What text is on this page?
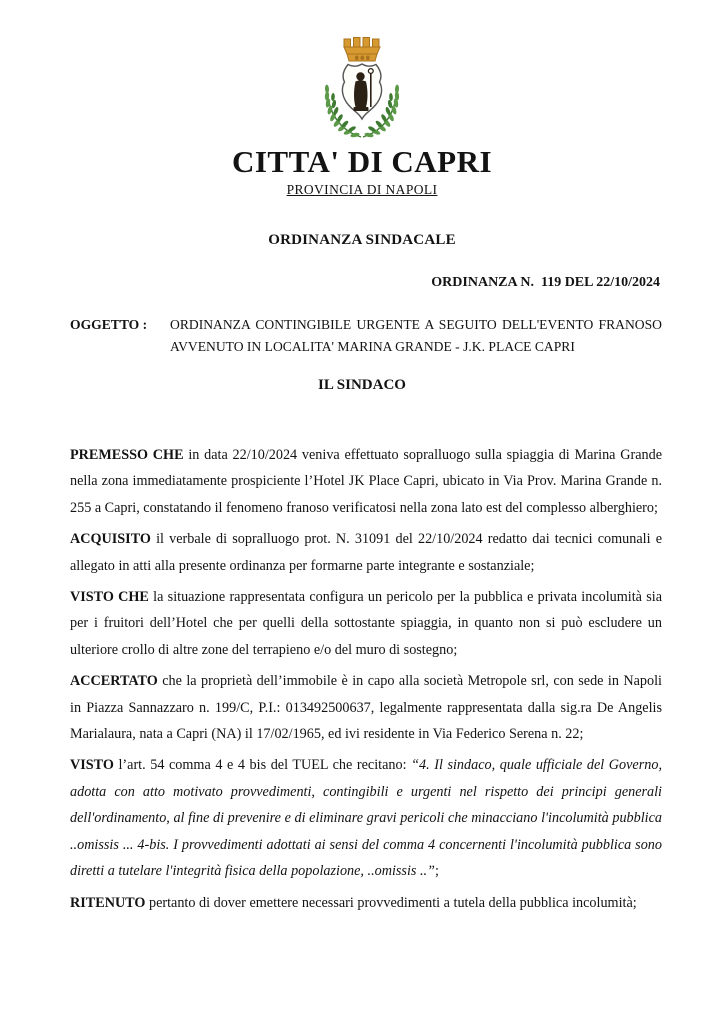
CITTA' DI CAPRI
PROVINCIA DI NAPOLI
ORDINANZA SINDACALE
ORDINANZA N.  119 DEL 22/10/2024
OGGETTO :	ORDINANZA CONTINGIBILE URGENTE A SEGUITO DELL'EVENTO FRANOSO AVVENUTO IN LOCALITA' MARINA GRANDE - J.K. PLACE CAPRI
IL SINDACO

PREMESSO CHE in data 22/10/2024 veniva effettuato sopralluogo sulla spiaggia di Marina Grande nella zona immediatamente prospiciente l’Hotel JK Place Capri, ubicato in Via Prov. Marina Grande n. 255 a Capri, constatando il fenomeno franoso verificatosi nella zona lato est del complesso alberghiero;

ACQUISITO il verbale di sopralluogo prot. N. 31091 del 22/10/2024 redatto dai tecnici comunali e allegato in atti alla presente ordinanza per formarne parte integrante e sostanziale;

VISTO CHE la situazione rappresentata configura un pericolo per la pubblica e privata incolumità sia per i fruitori dell’Hotel che per quelli della sottostante spiaggia, in quanto non si può escludere un ulteriore crollo di altre zone del terrapieno e/o del muro di sostegno;

ACCERTATO che la proprietà dell’immobile è in capo alla società Metropole srl, con sede in Napoli in Piazza Sannazzaro n. 199/C, P.I.: 013492500637, legalmente rappresentata dalla sig.ra De Angelis Marialaura, nata a Capri (NA) il 17/02/1965, ed ivi residente in Via Federico Serena n. 22;

VISTO l’art. 54 comma 4 e 4 bis del TUEL che recitano: “4. Il sindaco, quale ufficiale del Governo, adotta con atto motivato provvedimenti, contingibili e urgenti nel rispetto dei principi generali dell'ordinamento, al fine di prevenire e di eliminare gravi pericoli che minacciano l'incolumità pubblica ..omissis ... 4-bis. I provvedimenti adottati ai sensi del comma 4 concernenti l'incolumità pubblica sono diretti a tutelare l'integrità fisica della popolazione, ..omissis ..”;

RITENUTO pertanto di dover emettere necessari provvedimenti a tutela della pubblica incolumità;
